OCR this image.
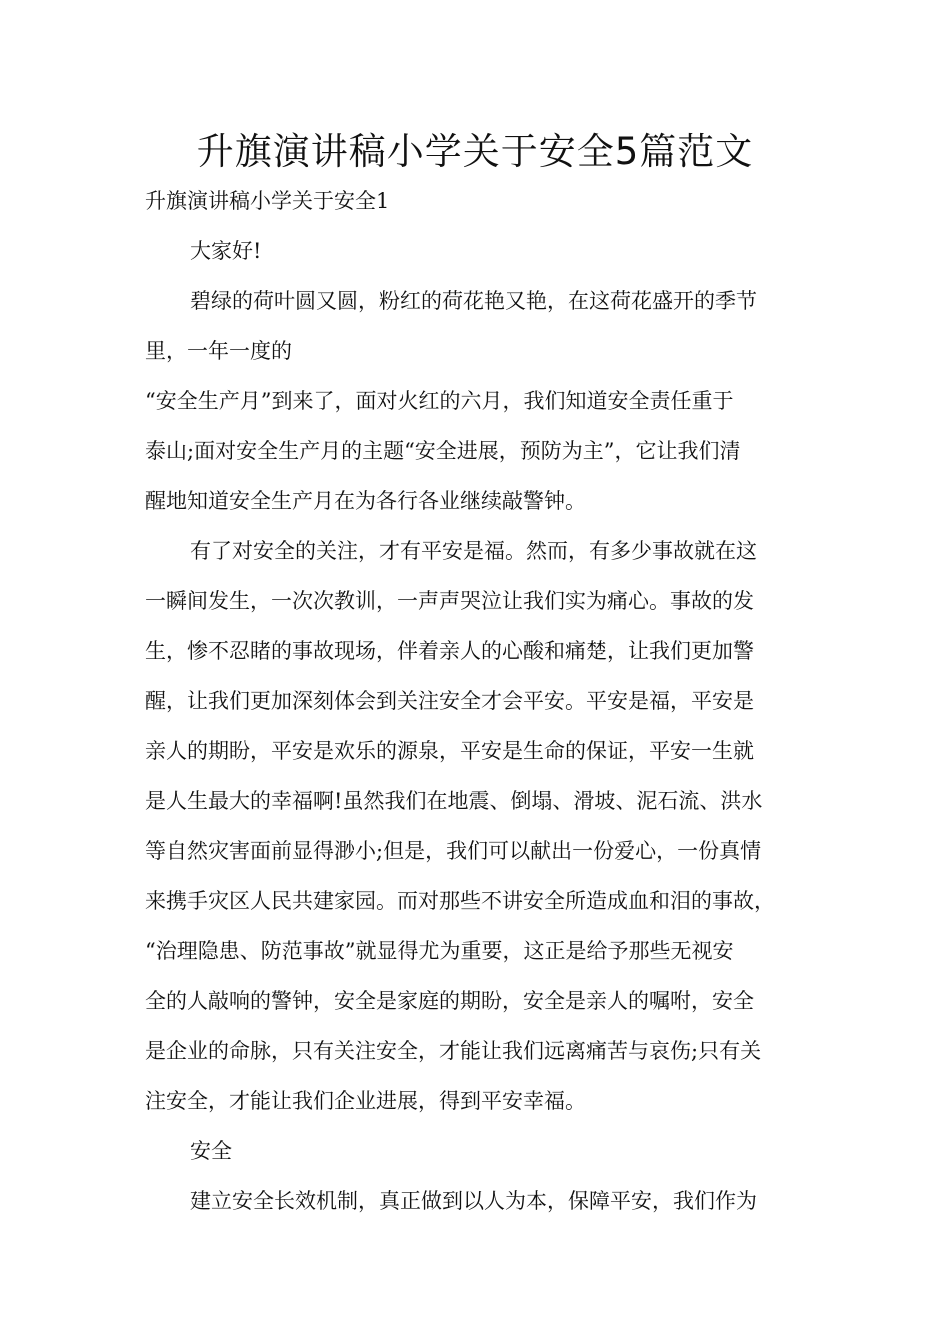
升旗演讲稿小学关于安全5篇范文

升旗演讲稿小学关于安全1

大家好!

碧绿的荷叶圆又圆，粉红的荷花艳又艳，在这荷花盛开的季节

里，一年一度的

“安全生产月”到来了，面对火红的六月，我们知道安全责任重于

泰山;面对安全生产月的主题“安全进展，预防为主”，它让我们清

醒地知道安全生产月在为各行各业继续敲警钟。

有了对安全的关注，才有平安是福。然而，有多少事故就在这

一瞬间发生，一次次教训，一声声哭泣让我们实为痛心。事故的发

生，惨不忍睹的事故现场，伴着亲人的心酸和痛楚，让我们更加警

醒，让我们更加深刻体会到关注安全才会平安。平安是福，平安是

亲人的期盼，平安是欢乐的源泉，平安是生命的保证，平安一生就

是人生最大的幸福啊!虽然我们在地震、倒塌、滑坡、泥石流、洪水

等自然灾害面前显得渺小;但是，我们可以献出一份爱心，一份真情

来携手灾区人民共建家园。而对那些不讲安全所造成血和泪的事故，

“治理隐患、防范事故”就显得尤为重要，这正是给予那些无视安

全的人敲响的警钟，安全是家庭的期盼，安全是亲人的嘱咐，安全

是企业的命脉，只有关注安全，才能让我们远离痛苦与哀伤;只有关

注安全，才能让我们企业进展，得到平安幸福。

安全

建立安全长效机制，真正做到以人为本，保障平安，我们作为
